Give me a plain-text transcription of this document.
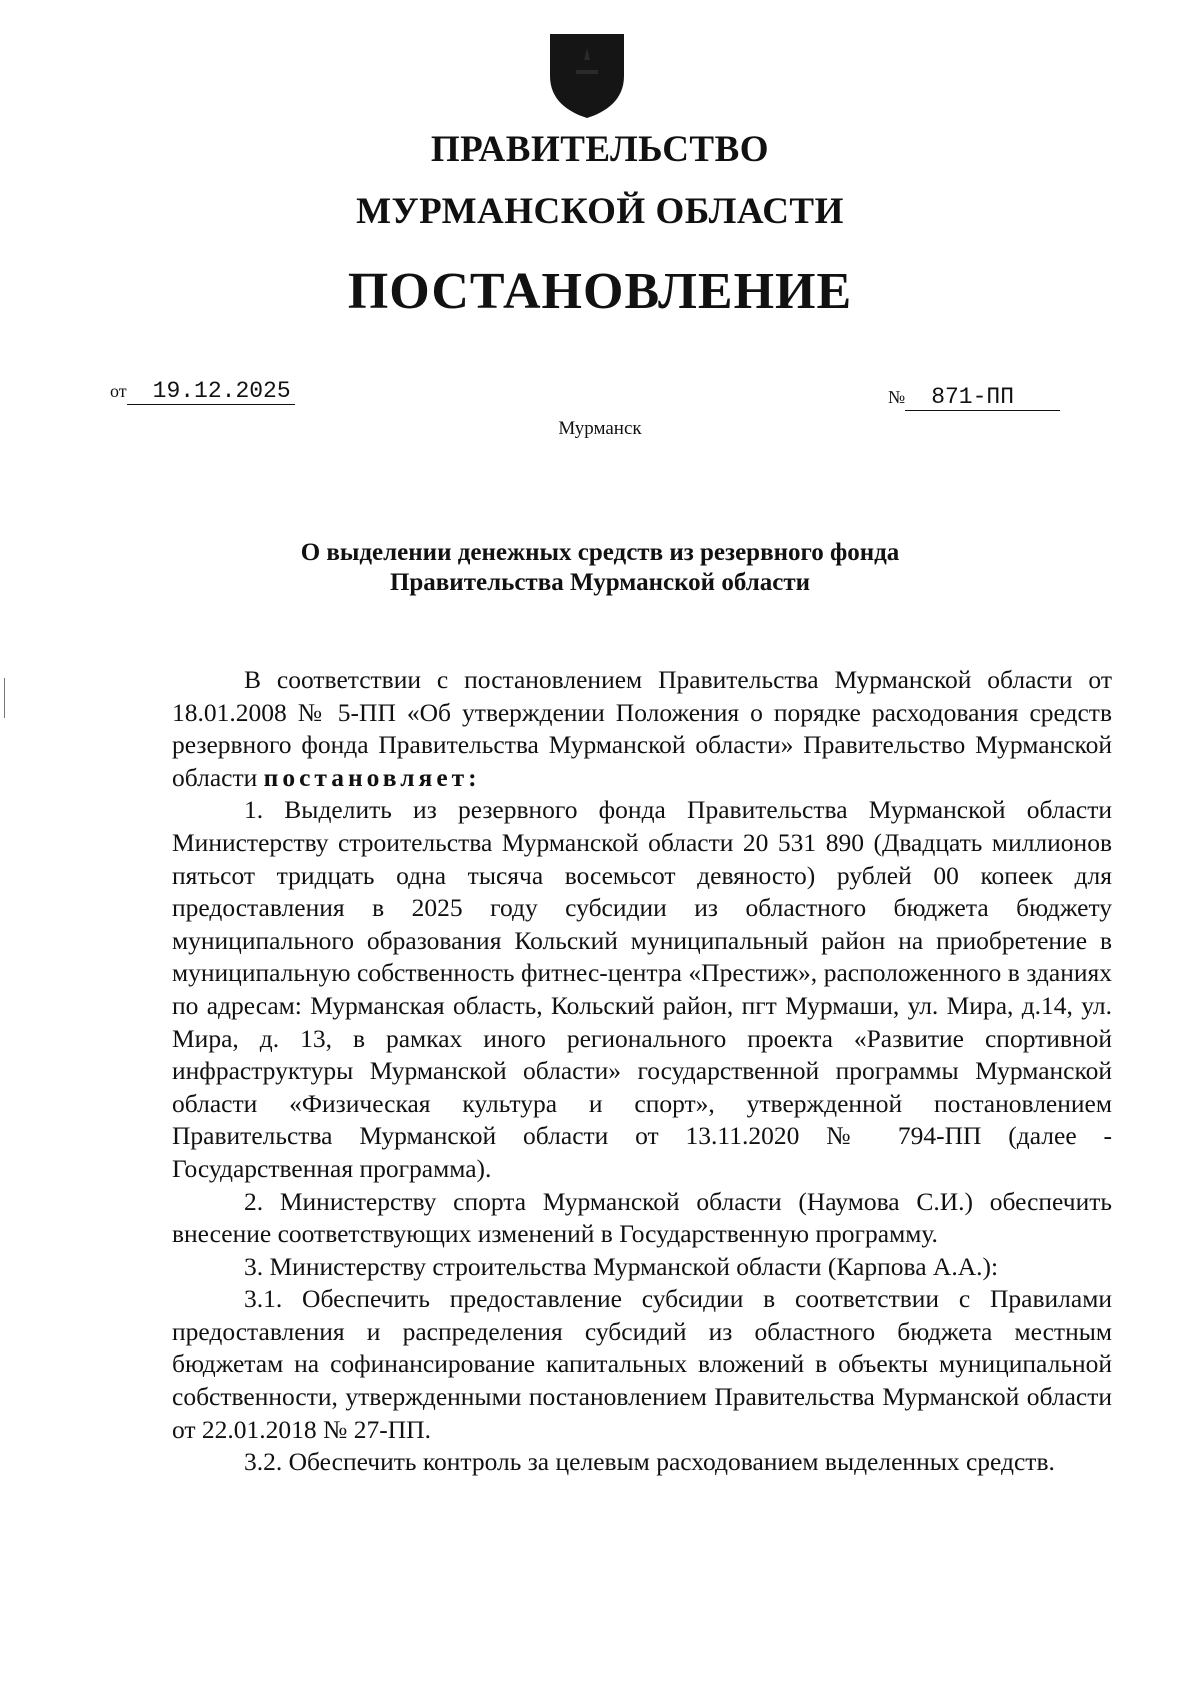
ПРАВИТЕЛЬСТВО
МУРМАНСКОЙ ОБЛАСТИ
ПОСТАНОВЛЕНИЕ
от 19.12.2025	№ 871-ПП
Мурманск
О выделении денежных средств из резервного фонда
Правительства Мурманской области

В соответствии с постановлением Правительства Мурманской области от 18.01.2008 № 5-ПП «Об утверждении Положения о порядке расходования средств резервного фонда Правительства Мурманской области» Правительство Мурманской области постановляет:

1. Выделить из резервного фонда Правительства Мурманской области Министерству строительства Мурманской области 20 531 890 (Двадцать миллионов пятьсот тридцать одна тысяча восемьсот девяносто) рублей 00 копеек для предоставления в 2025 году субсидии из областного бюджета бюджету муниципального образования Кольский муниципальный район на приобретение в муниципальную собственность фитнес-центра «Престиж», расположенного в зданиях по адресам: Мурманская область, Кольский район, пгт Мурмаши, ул. Мира, д.14, ул. Мира, д. 13, в рамках иного регионального проекта «Развитие спортивной инфраструктуры Мурманской области» государственной программы Мурманской области «Физическая культура и спорт», утвержденной постановлением Правительства Мурманской области от 13.11.2020 № 794-ПП (далее - Государственная программа).

2. Министерству спорта Мурманской области (Наумова С.И.) обеспечить внесение соответствующих изменений в Государственную программу.

3. Министерству строительства Мурманской области (Карпова А.А.):

3.1. Обеспечить предоставление субсидии в соответствии с Правилами предоставления и распределения субсидий из областного бюджета местным бюджетам на софинансирование капитальных вложений в объекты муниципальной собственности, утвержденными постановлением Правительства Мурманской области от 22.01.2018 № 27-ПП.

3.2. Обеспечить контроль за целевым расходованием выделенных средств.
